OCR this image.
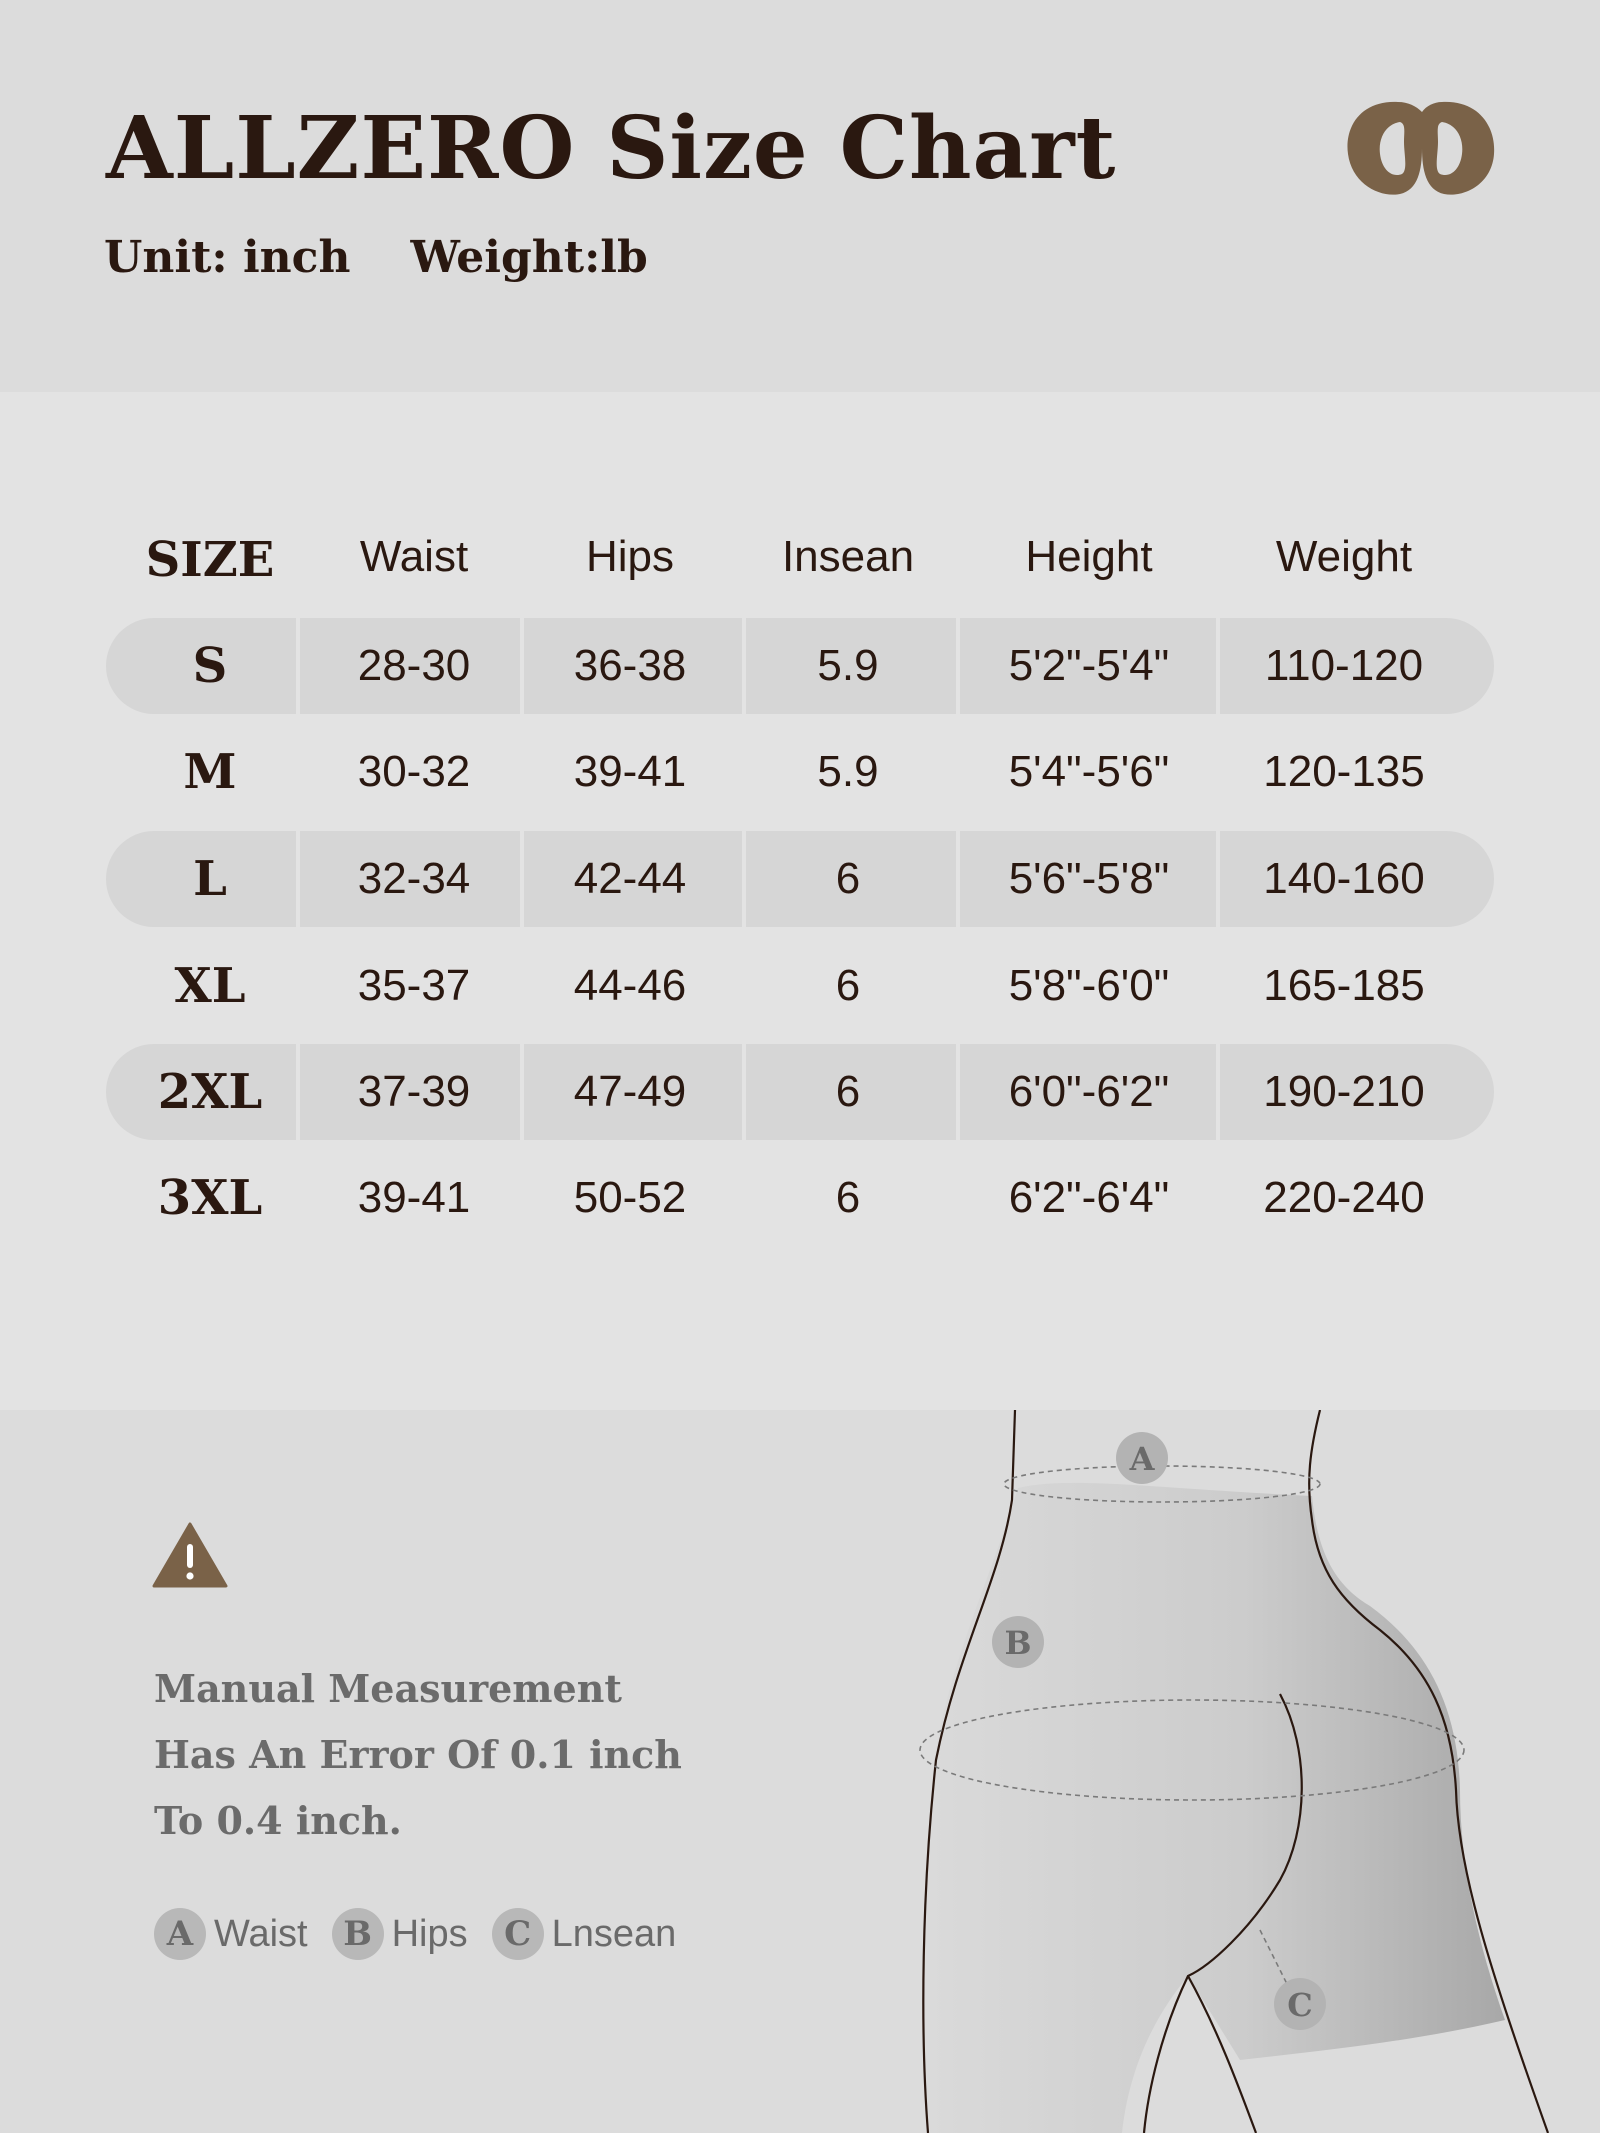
ALLZERO Size Chart
Unit: inch Weight:lb
SIZE Waist	Hips Insean	Height	Weight
S	28-30 36-38	5.9	5'2"-5'4" 110-120
M	30-32 39-41	5.9	5'4"-5'6" 120-135
L	32-34 42-44	6	5'6"-5'8" 140-160
XL	35-37 44-46	6	5'8"-6'0" 165-185
2XL 37-39 47-49	6	6'0"-6'2" 190-210
3XL 39-41 50-52	6	6'2"-6'4" 220-240
Manual Measurement
Has An Error Of 0.1 inch
To 0.4 inch.
A Waist	B Hips	C Lnsean
A
B
C
